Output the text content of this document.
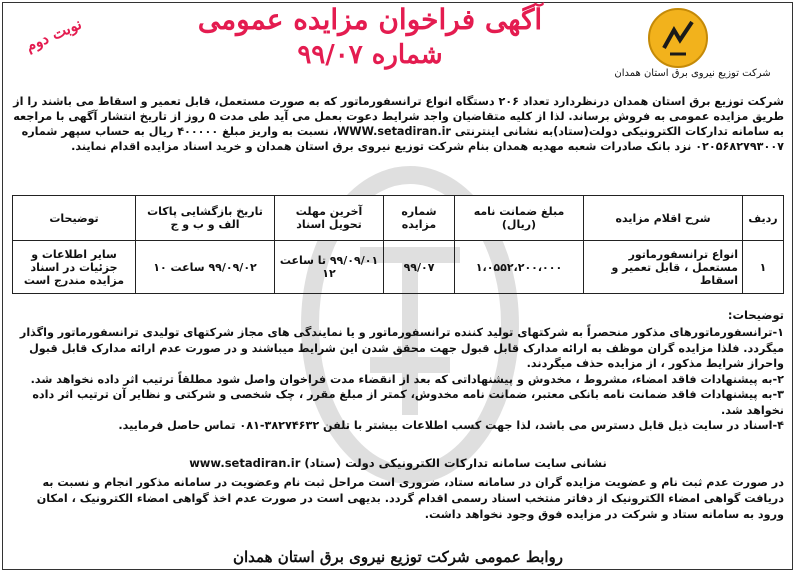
شرکت توزیع نیروی برق استان همدان
آگهی فراخوان مزایده عمومی
شماره ۹۹/۰۷
نوبت دوم
شرکت توزیع برق استان همدان درنظردارد تعداد ۲۰۶ دستگاه انواع ترانسفورماتور که به صورت مستعمل، قابل تعمیر و اسقاط می باشند را از طریق مزایده عمومی به فروش برساند. لذا از کلیه متقاضیان واجد شرایط دعوت بعمل می آید طی مدت ۵ روز از تاریخ انتشار آگهی با مراجعه به سامانه تدارکات الکترونیکی دولت(ستاد)به نشانی اینترنتی WWW.setadiran.ir، نسبت به واریز مبلغ ۴۰۰۰۰۰ ریال به حساب سپهر شماره ۰۲۰۵۶۸۲۷۹۳۰۰۷ نزد بانک صادرات شعبه مهدیه همدان بنام شرکت توزیع نیروی برق استان همدان و خرید اسناد مزایده اقدام نمایند.
ردیف	شرح اقلام مزایده	مبلغ ضمانت نامه (ریال)	شماره مزایده	آخرین مهلت تحویل اسناد	تاریخ بازگشایی پاکات الف و ب و ج	توضیحات
۱	انواع ترانسفورماتور مستعمل ، قابل تعمیر و اسقاط	۱،۰۵۵۲،۲۰۰،۰۰۰	۹۹/۰۷	۹۹/۰۹/۰۱ تا ساعت ۱۲	۹۹/۰۹/۰۲ ساعت ۱۰	سایر اطلاعات و جزئیات در اسناد مزایده مندرج است
توضیحات:

۱-ترانسفورماتورهای مذکور منحصراً به شرکتهای تولید کننده ترانسفورماتور و یا نمایندگی های مجاز شرکتهای تولیدی ترانسفورماتور واگذار میگردد. فلذا مزایده گران موظف به ارائه مدارک قابل قبول جهت محقق شدن این شرایط میباشند و در صورت عدم ارائه مدارک قابل قبول واحراز شرایط مذکور ، از مزایده حذف میگردند.

۲-به پیشنهادات فاقد امضاء، مشروط ، مخدوش و پیشنهاداتی که بعد از انقضاء مدت فراخوان واصل شود مطلقاً ترتیب اثر داده نخواهد شد.

۳-به پیشنهادات فاقد ضمانت نامه بانکی معتبر، ضمانت نامه مخدوش، کمتر از مبلغ مقرر ، چک شخصی و شرکتی و نظایر آن ترتیب اثر داده نخواهد شد.

۴-اسناد در سایت ذیل قابل دسترس می باشد، لذا جهت کسب اطلاعات بیشتر با تلفن ۳۸۲۷۴۶۳۲-۰۸۱ تماس حاصل فرمایید.

نشانی سایت سامانه تدارکات الکترونیکی دولت (ستاد) www.setadiran.ir
در صورت عدم ثبت نام و عضویت مزایده گران در سامانه ستاد، ضروری است مراحل ثبت نام وعضویت در سامانه مذکور انجام و نسبت به دریافت گواهی امضاء الکترونیک از دفاتر منتخب اسناد رسمی اقدام گردد. بدیهی است در صورت عدم اخذ گواهی امضاء الکترونیک ، امکان ورود به سامانه ستاد و شرکت در مزایده فوق وجود نخواهد داشت.
روابط عمومی شرکت توزیع نیروی برق استان همدان
